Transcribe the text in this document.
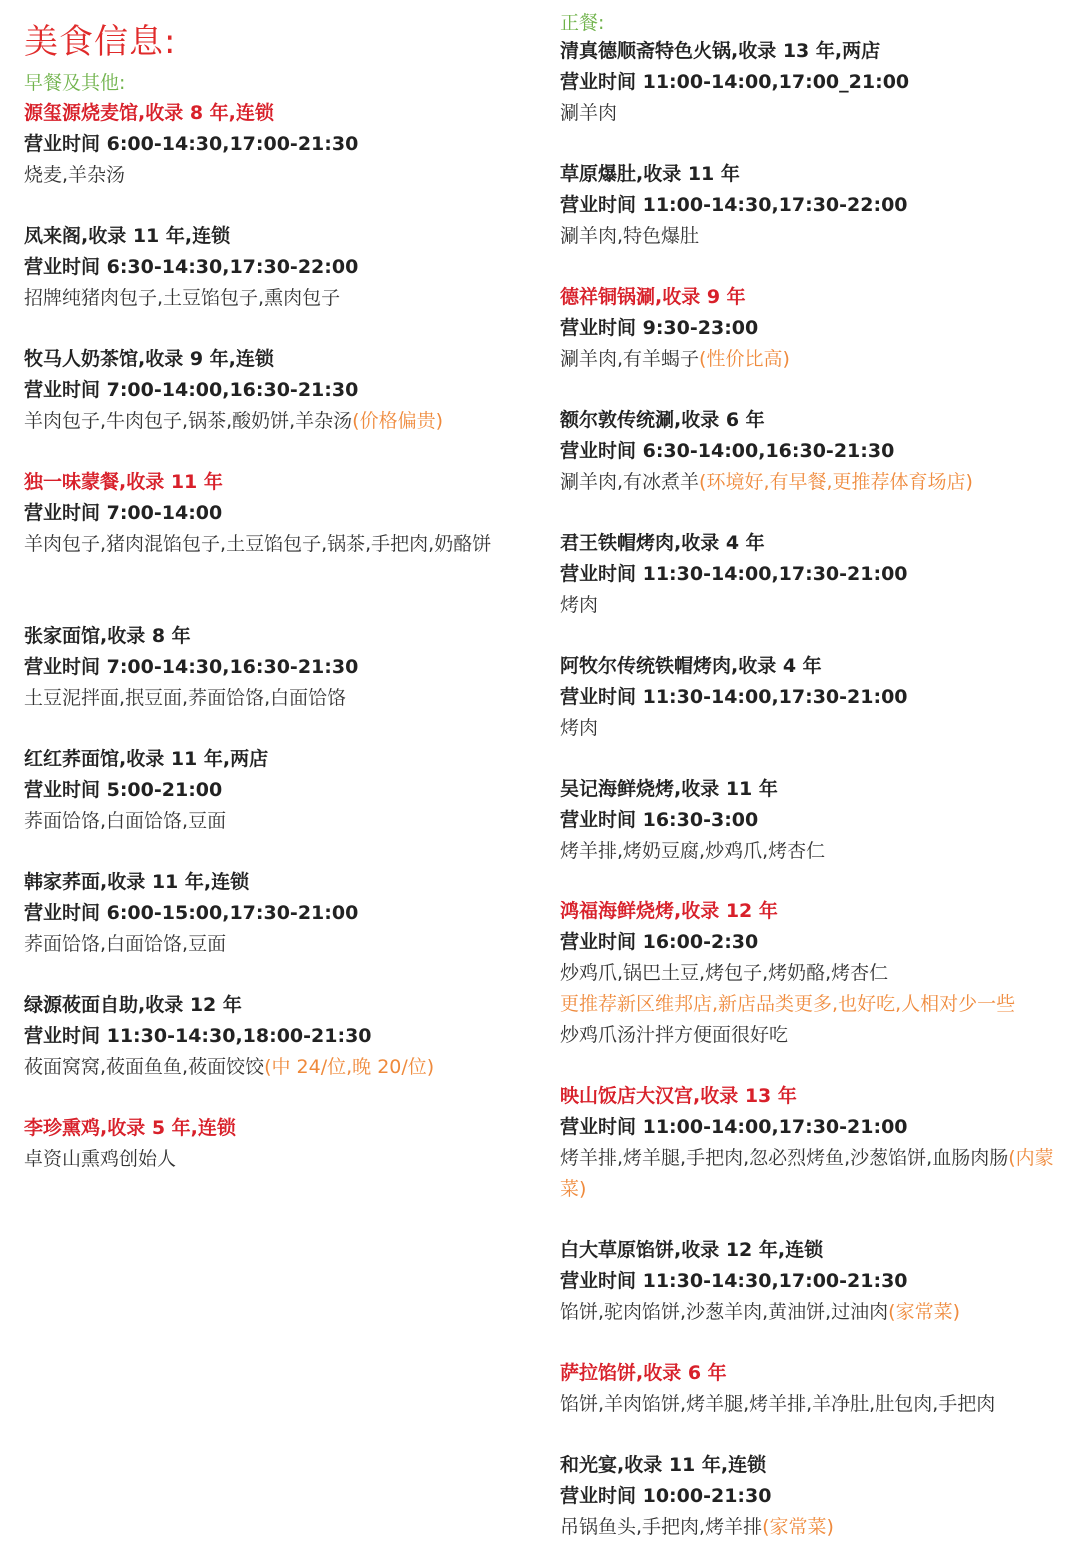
美食信息:
早餐及其他:
源玺源烧麦馆,收录 8 年,连锁
营业时间 6:00-14:30,17:00-21:30
烧麦,羊杂汤
凤来阁,收录 11 年,连锁
营业时间 6:30-14:30,17:30-22:00
招牌纯猪肉包子,土豆馅包子,熏肉包子
牧马人奶茶馆,收录 9 年,连锁
营业时间 7:00-14:00,16:30-21:30
羊肉包子,牛肉包子,锅茶,酸奶饼,羊杂汤(价格偏贵)
独一味蒙餐,收录 11 年
营业时间 7:00-14:00
羊肉包子,猪肉混馅包子,土豆馅包子,锅茶,手把肉,奶酪饼
张家面馆,收录 8 年
营业时间 7:00-14:30,16:30-21:30
土豆泥拌面,抿豆面,荞面饸饹,白面饸饹
红红荞面馆,收录 11 年,两店
营业时间 5:00-21:00
荞面饸饹,白面饸饹,豆面
韩家荞面,收录 11 年,连锁
营业时间 6:00-15:00,17:30-21:00
荞面饸饹,白面饸饹,豆面
绿源莜面自助,收录 12 年
营业时间 11:30-14:30,18:00-21:30
莜面窝窝,莜面鱼鱼,莜面饺饺(中 24/位,晚 20/位)
李珍熏鸡,收录 5 年,连锁
卓资山熏鸡创始人
正餐:
清真德顺斋特色火锅,收录 13 年,两店
营业时间 11:00-14:00,17:00_21:00
涮羊肉
草原爆肚,收录 11 年
营业时间 11:00-14:30,17:30-22:00
涮羊肉,特色爆肚
德祥铜锅涮,收录 9 年
营业时间 9:30-23:00
涮羊肉,有羊蝎子(性价比高)
额尔敦传统涮,收录 6 年
营业时间 6:30-14:00,16:30-21:30
涮羊肉,有冰煮羊(环境好,有早餐,更推荐体育场店)
君王铁帽烤肉,收录 4 年
营业时间 11:30-14:00,17:30-21:00
烤肉
阿牧尔传统铁帽烤肉,收录 4 年
营业时间 11:30-14:00,17:30-21:00
烤肉
吴记海鲜烧烤,收录 11 年
营业时间 16:30-3:00
烤羊排,烤奶豆腐,炒鸡爪,烤杏仁
鸿福海鲜烧烤,收录 12 年
营业时间 16:00-2:30
炒鸡爪,锅巴土豆,烤包子,烤奶酪,烤杏仁
更推荐新区维邦店,新店品类更多,也好吃,人相对少一些
炒鸡爪汤汁拌方便面很好吃
映山饭店大汉宫,收录 13 年
营业时间 11:00-14:00,17:30-21:00
烤羊排,烤羊腿,手把肉,忽必烈烤鱼,沙葱馅饼,血肠肉肠(内蒙菜)
白大草原馅饼,收录 12 年,连锁
营业时间 11:30-14:30,17:00-21:30
馅饼,驼肉馅饼,沙葱羊肉,黄油饼,过油肉(家常菜)
萨拉馅饼,收录 6 年
馅饼,羊肉馅饼,烤羊腿,烤羊排,羊净肚,肚包肉,手把肉
和光宴,收录 11 年,连锁
营业时间 10:00-21:30
吊锅鱼头,手把肉,烤羊排(家常菜)
